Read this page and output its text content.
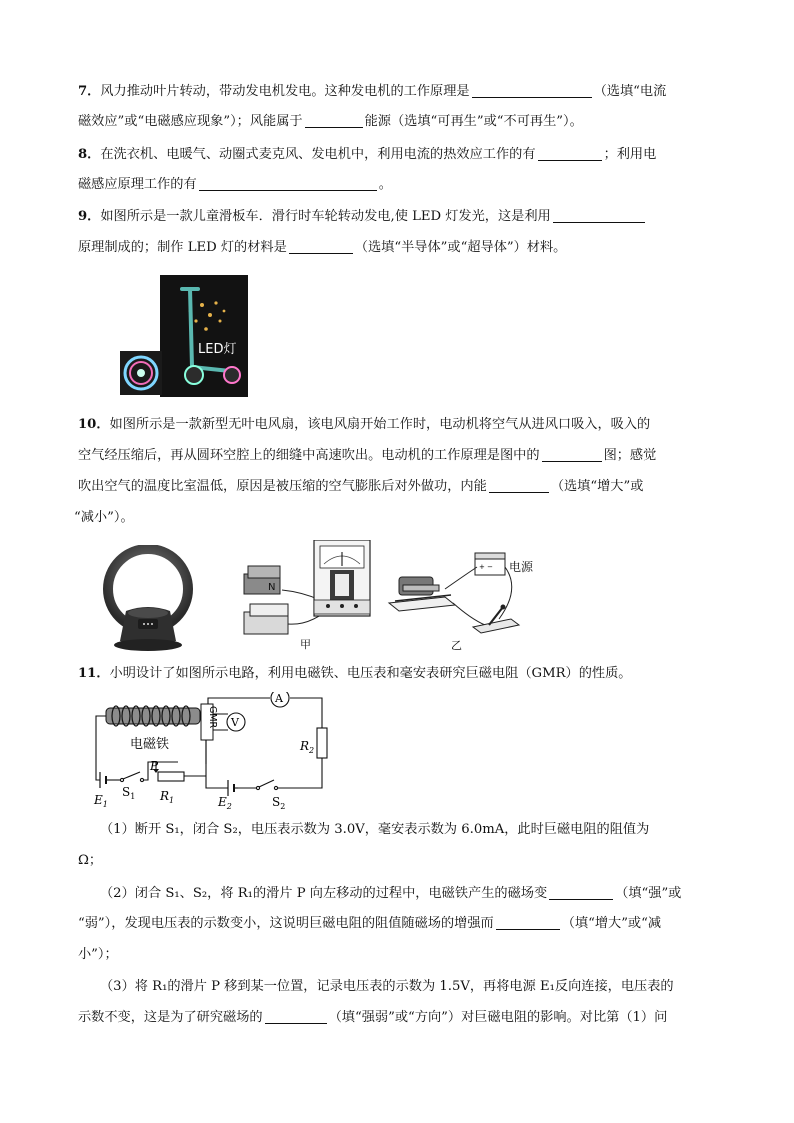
7．风力推动叶片转动，带动发电机发电。这种发电机的工作原理是	（选填“电流
磁效应”或“电磁感应现象”）；风能属于	能源（选填“可再生”或“不可再生”）。
8．在洗衣机、电暖气、动圈式麦克风、发电机中，利用电流的热效应工作的有	；利用电
磁感应原理工作的有	。
9．如图所示是一款儿童滑板车．滑行时车轮转动发电,使 LED 灯发光，这是利用
原理制成的；制作 LED 灯的材料是	（选填“半导体”或“超导体”）材料。
LED灯
10．如图所示是一款新型无叶电风扇，该电风扇开始工作时，电动机将空气从进风口吸入，吸入的
空气经压缩后，再从圆环空腔上的细缝中高速吹出。电动机的工作原理是图中的	图；感觉
吹出空气的温度比室温低，原因是被压缩的空气膨胀后对外做功，内能	（选填“增大”或
“减小”）。
N
甲
+ − 电源
乙
11．小明设计了如图所示电路，利用电磁铁、电压表和毫安表研究巨磁电阻（GMR）的性质。
电磁铁
GMR V
A
$R_2$
$E_1$
$S_1$
P
$R_1$	$E_2$	$S_2$
（1）断开 S₁，闭合 S₂，电压表示数为 3.0V，毫安表示数为 6.0mA，此时巨磁电阻的阻值为
Ω；
（2）闭合 S₁、S₂，将 R₁的滑片 P 向左移动的过程中，电磁铁产生的磁场变	（填“强”或
“弱”），发现电压表的示数变小，这说明巨磁电阻的阻值随磁场的增强而	（填“增大”或“减
小”）；
（3）将 R₁的滑片 P 移到某一位置，记录电压表的示数为 1.5V，再将电源 E₁反向连接，电压表的
示数不变，这是为了研究磁场的	（填“强弱”或“方向”）对巨磁电阻的影响。对比第（1）问
